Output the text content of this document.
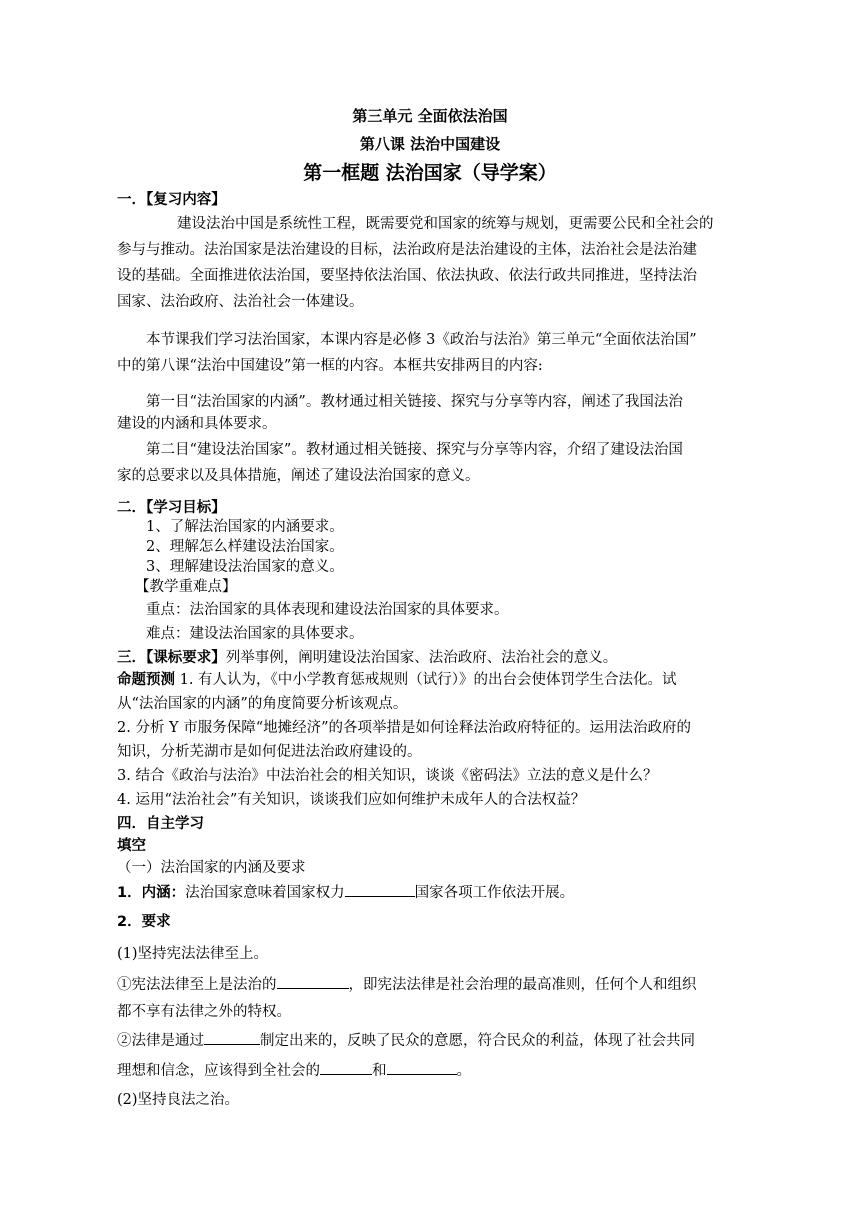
第三单元 全面依法治国
第八课 法治中国建设
第一框题 法治国家（导学案）
一．【复习内容】
建设法治中国是系统性工程，既需要党和国家的统筹与规划，更需要公民和全社会的
参与与推动。法治国家是法治建设的目标，法治政府是法治建设的主体，法治社会是法治建
设的基础。全面推进依法治国，要坚持依法治国、依法执政、依法行政共同推进，坚持法治
国家、法治政府、法治社会一体建设。
本节课我们学习法治国家，本课内容是必修 3《政治与法治》第三单元“全面依法治国”
中的第八课“法治中国建设”第一框的内容。本框共安排两目的内容:
第一目“法治国家的内涵”。教材通过相关链接、探究与分享等内容，阐述了我国法治
建设的内涵和具体要求。
第二目“建设法治国家”。教材通过相关链接、探究与分享等内容，介绍了建设法治国
家的总要求以及具体措施，阐述了建设法治国家的意义。
二．【学习目标】
1、了解法治国家的内涵要求。
2、理解怎么样建设法治国家。
3、理解建设法治国家的意义。
【教学重难点】
重点：法治国家的具体表现和建设法治国家的具体要求。
难点：建设法治国家的具体要求。
三．【课标要求】列举事例，阐明建设法治国家、法治政府、法治社会的意义。
命题预测 1. 有人认为，《中小学教育惩戒规则（试行）》的出台会使体罚学生合法化。试
从“法治国家的内涵”的角度简要分析该观点。
2. 分析 Y 市服务保障“地摊经济”的各项举措是如何诠释法治政府特征的。运用法治政府的
知识，分析芜湖市是如何促进法治政府建设的。
3. 结合《政治与法治》中法治社会的相关知识，谈谈《密码法》立法的意义是什么？
4. 运用“法治社会”有关知识，谈谈我们应如何维护未成年人的合法权益？
四．自主学习
填空
（一）法治国家的内涵及要求
1．内涵：法治国家意味着国家权力	国家各项工作依法开展。
2．要求
(1)坚持宪法法律至上。
①宪法法律至上是法治的	，即宪法法律是社会治理的最高准则，任何个人和组织
都不享有法律之外的特权。
②法律是通过	制定出来的，反映了民众的意愿，符合民众的利益，体现了社会共同
理想和信念，应该得到全社会的	和	。
(2)坚持良法之治。
